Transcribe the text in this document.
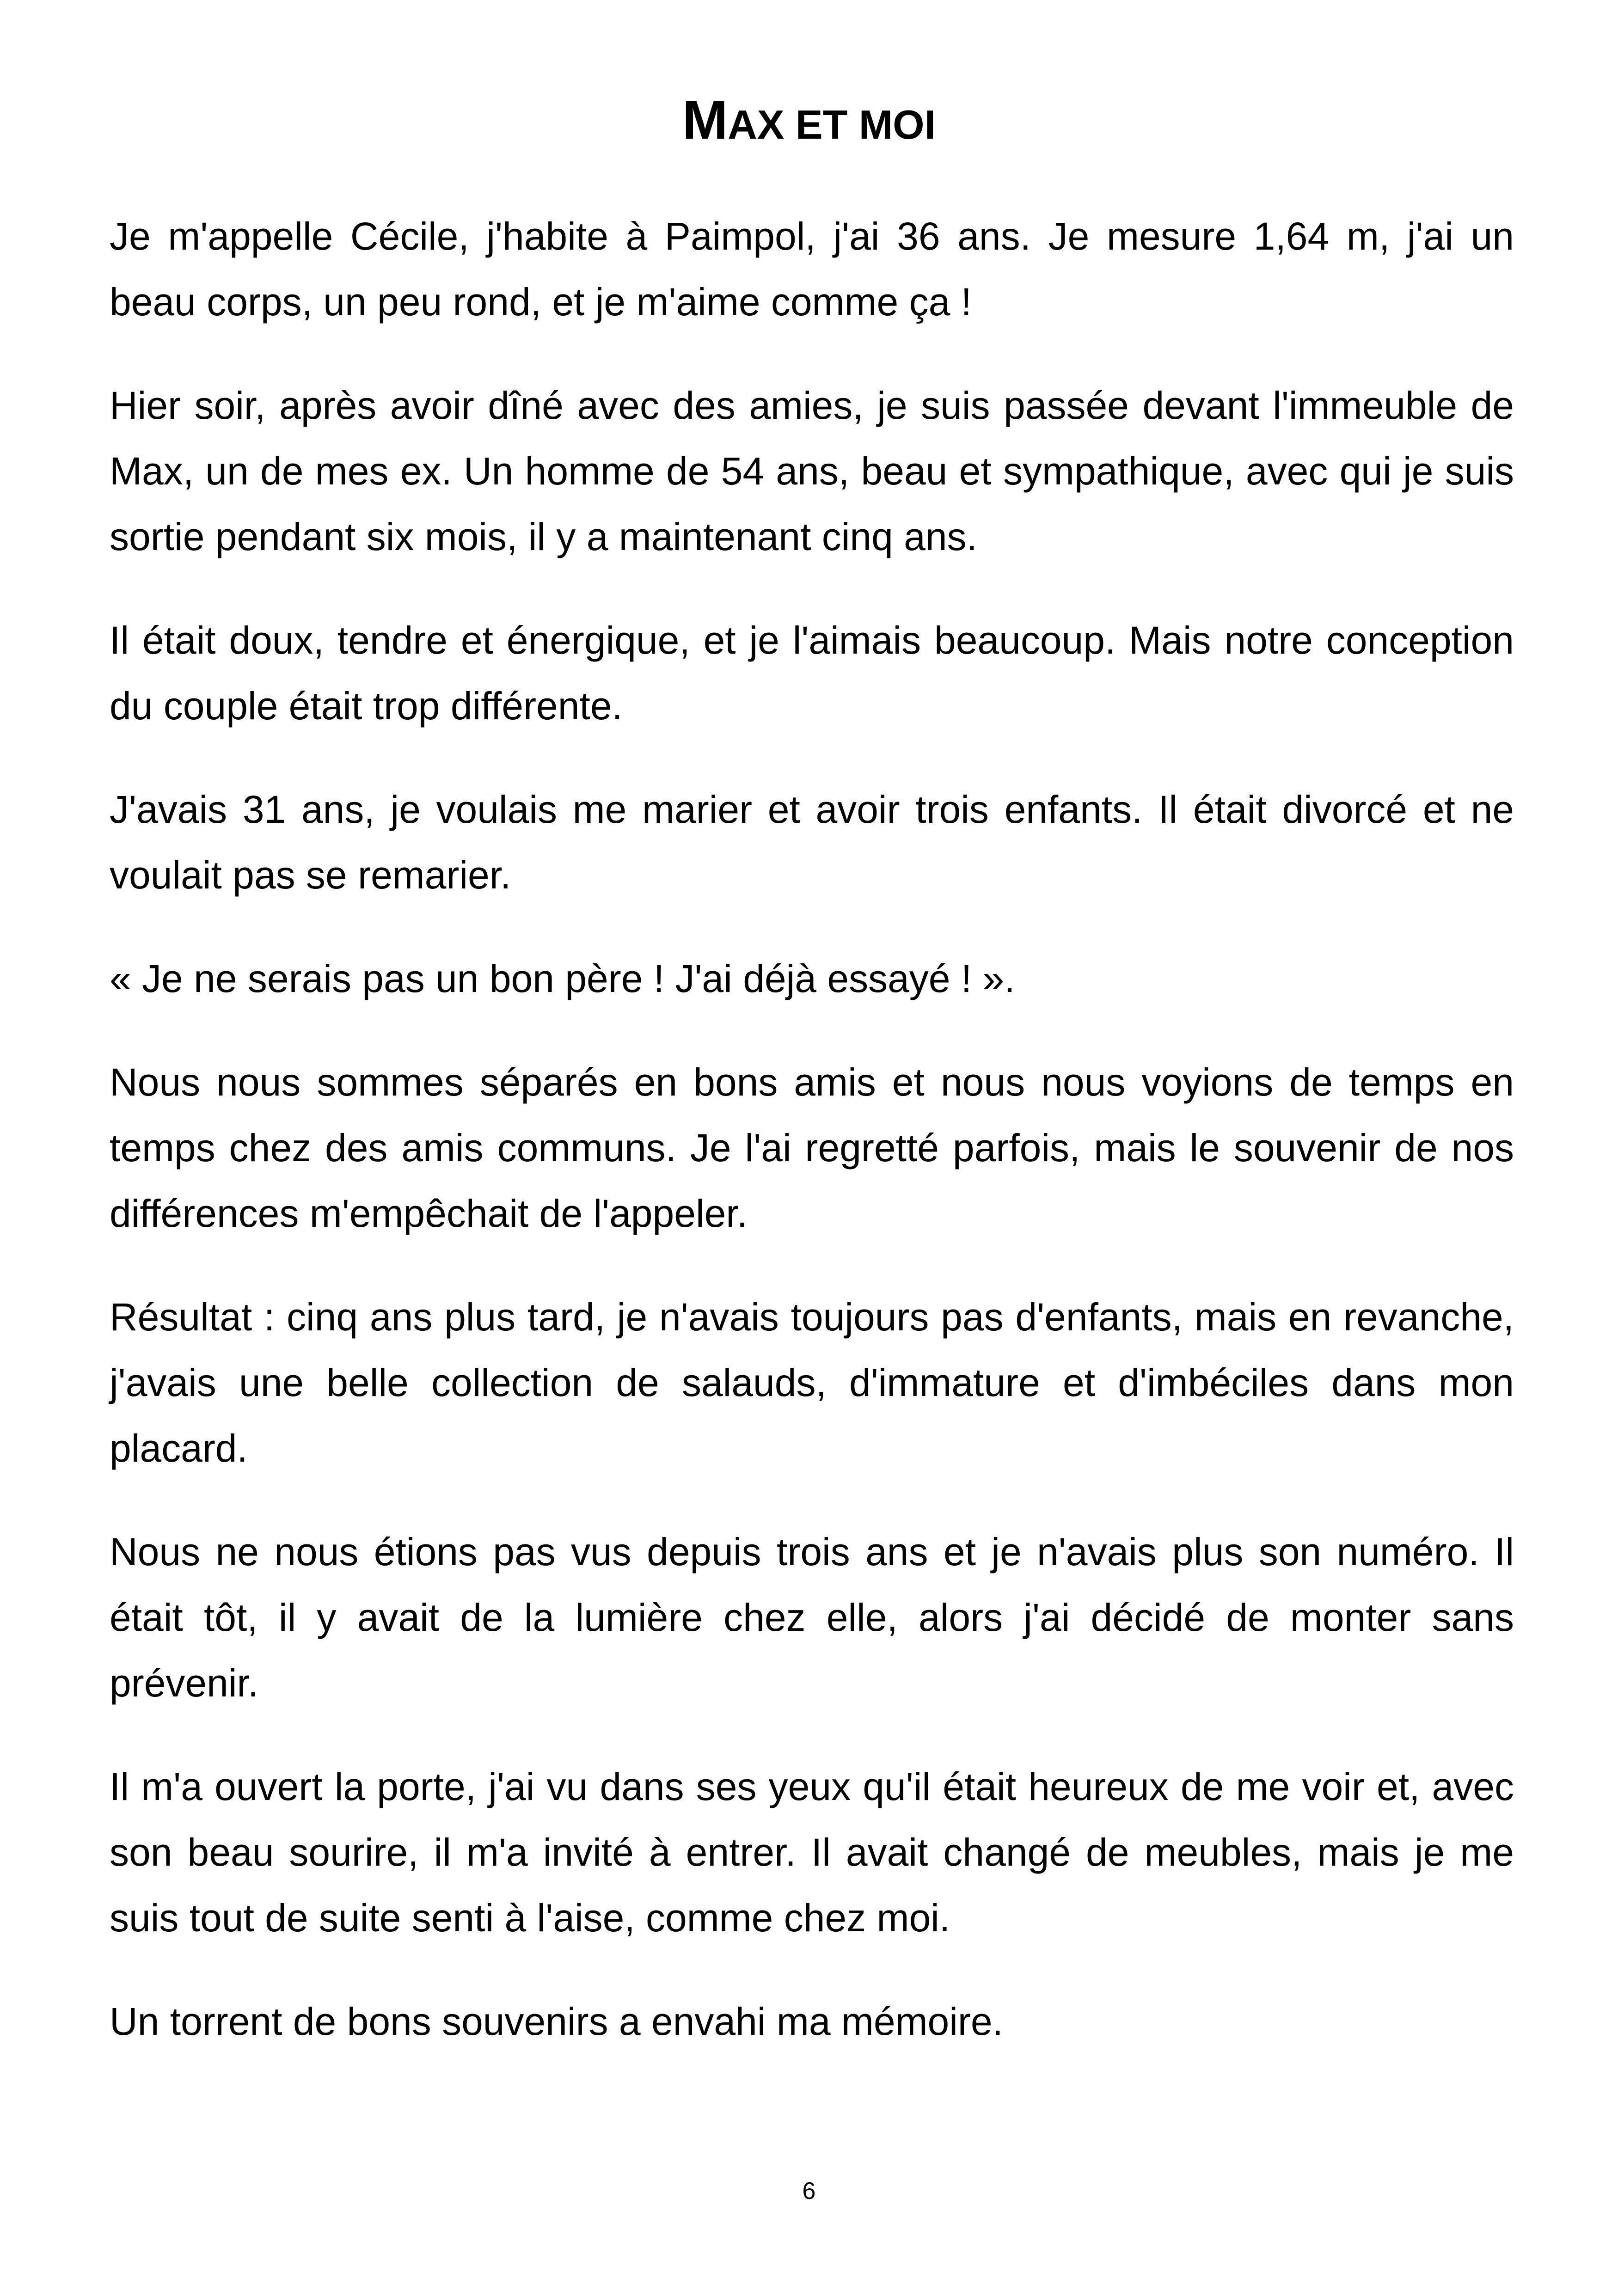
MAX ET MOI

Je m'appelle Cécile, j'habite à Paimpol, j'ai 36 ans. Je mesure 1,64 m, j'ai un beau corps, un peu rond, et je m'aime comme ça !

Hier soir, après avoir dîné avec des amies, je suis passée devant l'immeuble de Max, un de mes ex. Un homme de 54 ans, beau et sympathique, avec qui je suis sortie pendant six mois, il y a maintenant cinq ans.

Il était doux, tendre et énergique, et je l'aimais beaucoup. Mais notre conception du couple était trop différente.

J'avais 31 ans, je voulais me marier et avoir trois enfants. Il était divorcé et ne voulait pas se remarier.

« Je ne serais pas un bon père ! J'ai déjà essayé ! ».

Nous nous sommes séparés en bons amis et nous nous voyions de temps en temps chez des amis communs. Je l'ai regretté parfois, mais le souvenir de nos différences m'empêchait de l'appeler.

Résultat : cinq ans plus tard, je n'avais toujours pas d'enfants, mais en revanche, j'avais une belle collection de salauds, d'immature et d'imbéciles dans mon placard.

Nous ne nous étions pas vus depuis trois ans et je n'avais plus son numéro. Il était tôt, il y avait de la lumière chez elle, alors j'ai décidé de monter sans prévenir.

Il m'a ouvert la porte, j'ai vu dans ses yeux qu'il était heureux de me voir et, avec son beau sourire, il m'a invité à entrer. Il avait changé de meubles, mais je me suis tout de suite senti à l'aise, comme chez moi.

Un torrent de bons souvenirs a envahi ma mémoire.

6
